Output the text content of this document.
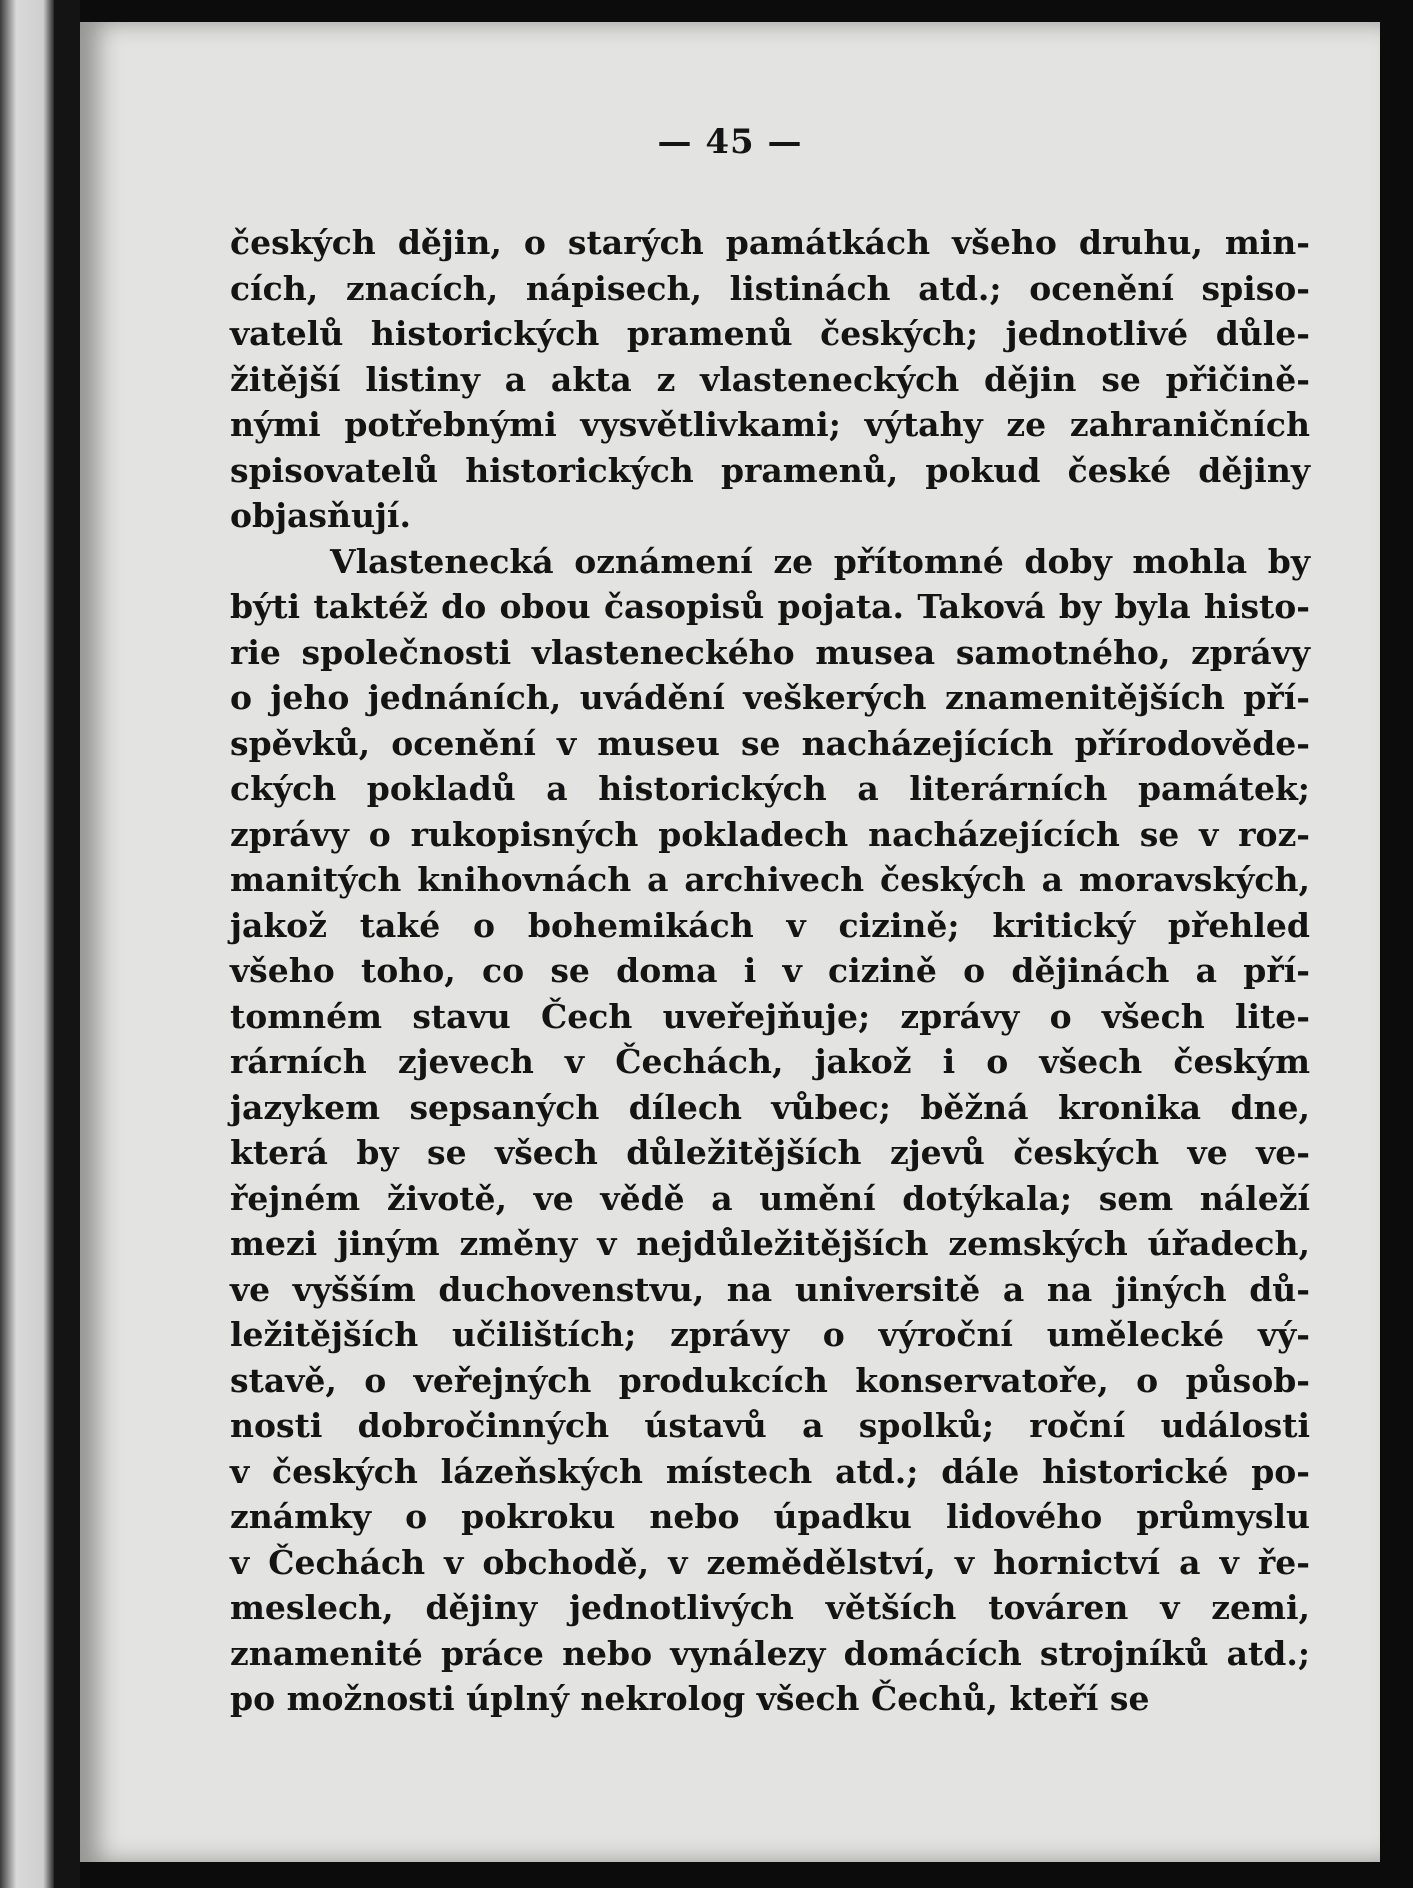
— 45 —
českých dějin, o starých památkách všeho druhu, min-
cích, znacích, nápisech, listinách atd.; ocenění spiso-
vatelů historických pramenů českých; jednotlivé důle-
žitější listiny a akta z vlasteneckých dějin se přičině-
nými potřebnými vysvětlivkami; výtahy ze zahraničních
spisovatelů historických pramenů, pokud české dějiny
objasňují.
Vlastenecká oznámení ze přítomné doby mohla by
býti taktéž do obou časopisů pojata. Taková by byla histo-
rie společnosti vlasteneckého musea samotného, zprávy
o jeho jednáních, uvádění veškerých znamenitějších pří-
spěvků, ocenění v museu se nacházejících přírodověde-
ckých pokladů a historických a literárních památek;
zprávy o rukopisných pokladech nacházejících se v roz-
manitých knihovnách a archivech českých a moravských,
jakož také o bohemikách v cizině; kritický přehled
všeho toho, co se doma i v cizině o dějinách a pří-
tomném stavu Čech uveřejňuje; zprávy o všech lite-
rárních zjevech v Čechách, jakož i o všech českým
jazykem sepsaných dílech vůbec; běžná kronika dne,
která by se všech důležitějších zjevů českých ve ve-
řejném životě, ve vědě a umění dotýkala; sem náleží
mezi jiným změny v nejdůležitějších zemských úřadech,
ve vyšším duchovenstvu, na universitě a na jiných dů-
ležitějších učilištích; zprávy o výroční umělecké vý-
stavě, o veřejných produkcích konservatoře, o působ-
nosti dobročinných ústavů a spolků; roční události
v českých lázeňských místech atd.; dále historické po-
známky o pokroku nebo úpadku lidového průmyslu
v Čechách v obchodě, v zemědělství, v hornictví a v ře-
meslech, dějiny jednotlivých větších továren v zemi,
znamenité práce nebo vynálezy domácích strojníků atd.;
po možnosti úplný nekrolog všech Čechů, kteří se
